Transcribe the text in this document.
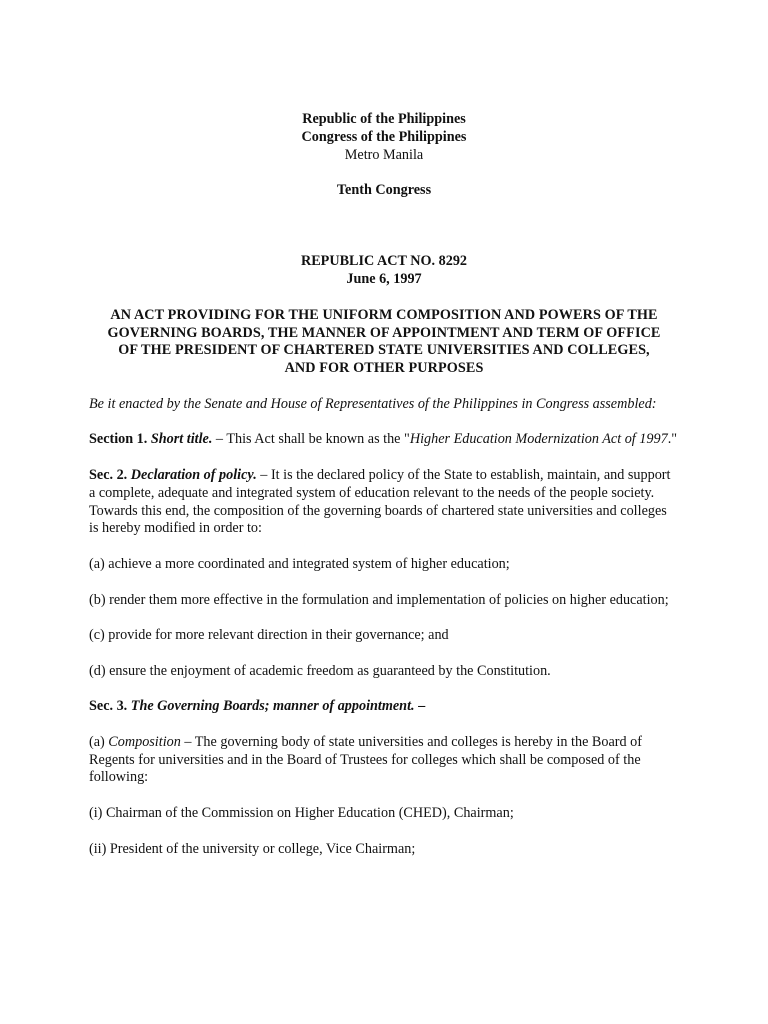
Republic of the Philippines

Congress of the Philippines

Metro Manila

Tenth Congress

REPUBLIC ACT NO. 8292

June 6, 1997

AN ACT PROVIDING FOR THE UNIFORM COMPOSITION AND POWERS OF THE

GOVERNING BOARDS, THE MANNER OF APPOINTMENT AND TERM OF OFFICE

OF THE PRESIDENT OF CHARTERED STATE UNIVERSITIES AND COLLEGES,

AND FOR OTHER PURPOSES

Be it enacted by the Senate and House of Representatives of the Philippines in Congress assembled:

Section 1. Short title. – This Act shall be known as the "Higher Education Modernization Act of 1997."

Sec. 2. Declaration of policy. – It is the declared policy of the State to establish, maintain, and support a complete, adequate and integrated system of education relevant to the needs of the people society. Towards this end, the composition of the governing boards of chartered state universities and colleges is hereby modified in order to:

(a) achieve a more coordinated and integrated system of higher education;

(b) render them more effective in the formulation and implementation of policies on higher education;

(c) provide for more relevant direction in their governance; and

(d) ensure the enjoyment of academic freedom as guaranteed by the Constitution.

Sec. 3. The Governing Boards; manner of appointment. –

(a) Composition – The governing body of state universities and colleges is hereby in the Board of Regents for universities and in the Board of Trustees for colleges which shall be composed of the following:

(i) Chairman of the Commission on Higher Education (CHED), Chairman;

(ii) President of the university or college, Vice Chairman;
